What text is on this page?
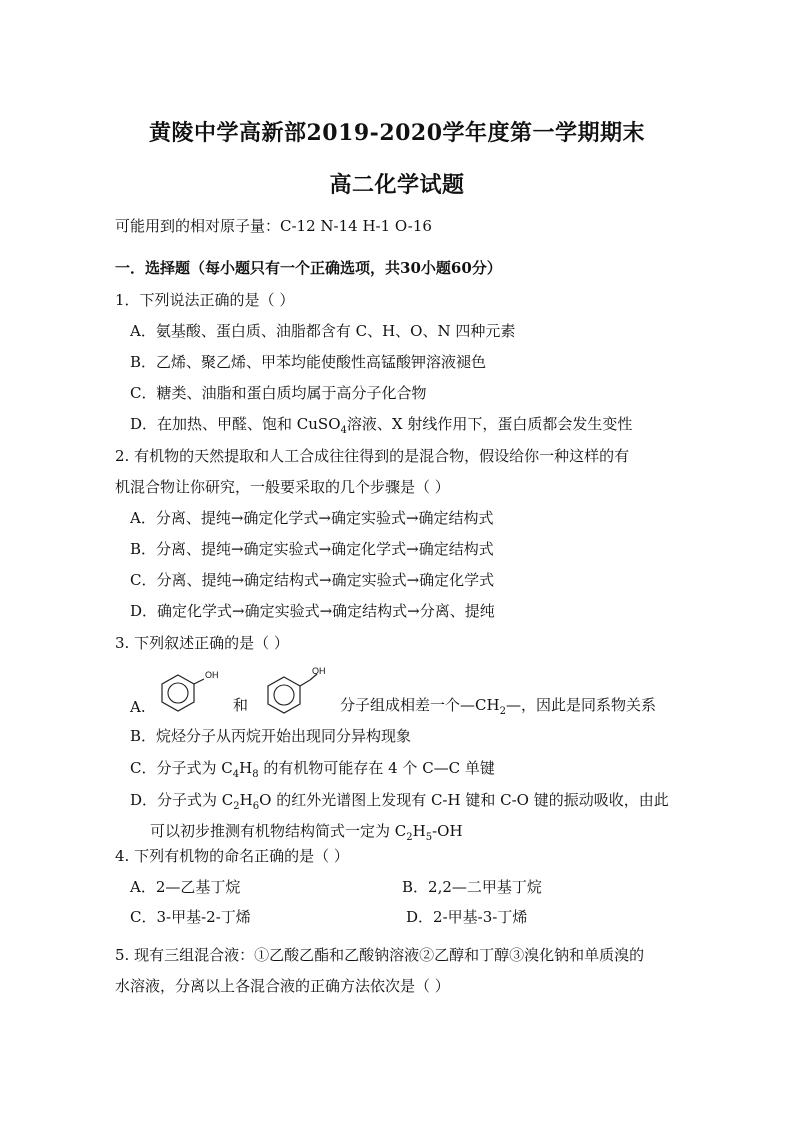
黄陵中学高新部2019-2020学年度第一学期期末
高二化学试题
可能用到的相对原子量：C-12 N-14 H-1 O-16
一．选择题（每小题只有一个正确选项，共30小题60分）
1．下列说法正确的是（ ）
A．氨基酸、蛋白质、油脂都含有 C、H、O、N 四种元素
B．乙烯、聚乙烯、甲苯均能使酸性高锰酸钾溶液褪色
C．糖类、油脂和蛋白质均属于高分子化合物
D．在加热、甲醛、饱和 CuSO$_4$溶液、X 射线作用下，蛋白质都会发生变性
2. 有机物的天然提取和人工合成往往得到的是混合物，假设给你一种这样的有
机混合物让你研究，一般要采取的几个步骤是（ ）
A．分离、提纯→确定化学式→确定实验式→确定结构式
B．分离、提纯→确定实验式→确定化学式→确定结构式
C．分离、提纯→确定结构式→确定实验式→确定化学式
D．确定化学式→确定实验式→确定结构式→分离、提纯
3. 下列叙述正确的是（ ）
A.
OH
和
OH
分子组成相差一个$—CH_2—$，因此是同系物关系
B．烷烃分子从丙烷开始出现同分异构现象
C．分子式为 $C_4H_8$ 的有机物可能存在 4 个 C—C 单键
D．分子式为 $C_2H_6O$ 的红外光谱图上发现有 C-H 键和 C-O 键的振动吸收，由此
可以初步推测有机物结构简式一定为 $C_2H_5-OH$
4. 下列有机物的命名正确的是（ ）
A．2—乙基丁烷	B．2,2—二甲基丁烷
C．3-甲基-2-丁烯	D．2-甲基-3-丁烯
5. 现有三组混合液：①乙酸乙酯和乙酸钠溶液②乙醇和丁醇③溴化钠和单质溴的
水溶液，分离以上各混合液的正确方法依次是（ ）
